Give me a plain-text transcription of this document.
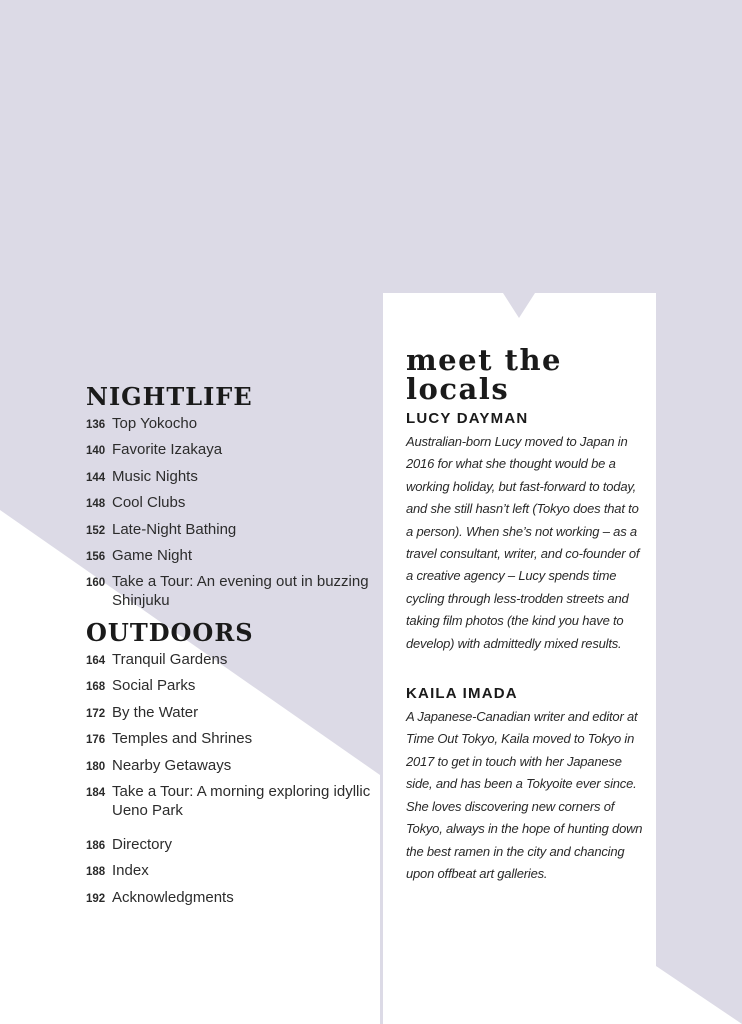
NIGHTLIFE
136 Top Yokocho
140 Favorite Izakaya
144 Music Nights
148 Cool Clubs
152 Late-Night Bathing
156 Game Night
160 Take a Tour: An evening out in buzzing Shinjuku
OUTDOORS
164 Tranquil Gardens
168 Social Parks
172 By the Water
176 Temples and Shrines
180 Nearby Getaways
184 Take a Tour: A morning exploring idyllic Ueno Park
186 Directory
188 Index
192 Acknowledgments
meet the
locals
LUCY DAYMAN

Australian-born Lucy moved to Japan in 2016 for what she thought would be a working holiday, but fast-forward to today, and she still hasn’t left (Tokyo does that to a person). When she’s not working – as a travel consultant, writer, and co-founder of a creative agency – Lucy spends time cycling through less-trodden streets and taking film photos (the kind you have to develop) with admittedly mixed results.

KAILA IMADA

A Japanese-Canadian writer and editor at Time Out Tokyo, Kaila moved to Tokyo in 2017 to get in touch with her Japanese side, and has been a Tokyoite ever since. She loves discovering new corners of Tokyo, always in the hope of hunting down the best ramen in the city and chancing upon offbeat art galleries.
